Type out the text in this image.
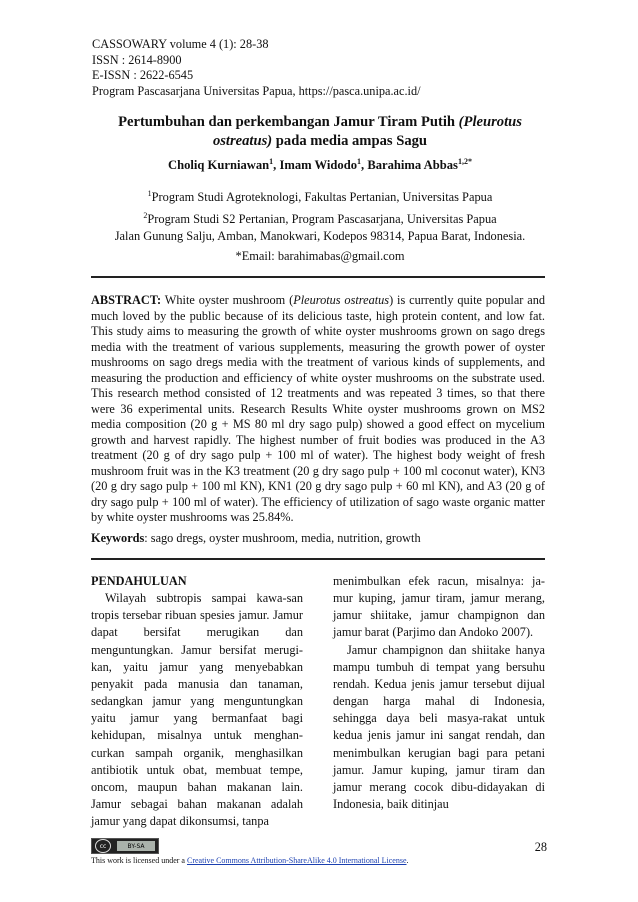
CASSOWARY volume 4 (1): 28-38
ISSN : 2614-8900
E-ISSN : 2622-6545
Program Pascasarjana Universitas Papua, https://pasca.unipa.ac.id/
Pertumbuhan dan perkembangan Jamur Tiram Putih (Pleurotus
ostreatus) pada media ampas Sagu
Choliq Kurniawan$^1$, Imam Widodo$^1$, Barahima Abbas$^{1,2*}$
$^1$Program Studi Agroteknologi, Fakultas Pertanian, Universitas Papua
$^2$Program Studi S2 Pertanian, Program Pascasarjana, Universitas Papua
Jalan Gunung Salju, Amban, Manokwari, Kodepos 98314, Papua Barat, Indonesia.
*Email: barahimabas@gmail.com
ABSTRACT: White oyster mushroom (Pleurotus ostreatus) is currently quite popular and much loved by the public because of its delicious taste, high protein content, and low fat. This study aims to measuring the growth of white oyster mushrooms grown on sago dregs media with the treatment of various supplements, measuring the growth power of oyster mushrooms on sago dregs media with the treatment of various kinds of supplements, and measuring the production and efficiency of white oyster mushrooms on the substrate used. This research method consisted of 12 treatments and was repeated 3 times, so that there were 36 experimental units. Research Results White oyster mushrooms grown on MS2 media composition (20 g + MS 80 ml dry sago pulp) showed a good effect on mycelium growth and harvest rapidly. The highest number of fruit bodies was produced in the A3 treatment (20 g of dry sago pulp + 100 ml of water). The highest body weight of fresh mushroom fruit was in the K3 treatment (20 g dry sago pulp + 100 ml coconut water), KN3 (20 g dry sago pulp + 100 ml KN), KN1 (20 g dry sago pulp + 60 ml KN), and A3 (20 g of dry sago pulp + 100 ml of water). The efficiency of utilization of sago waste organic matter by white oyster mushrooms was 25.84%.
Keywords: sago dregs, oyster mushroom, media, nutrition, growth

PENDAHULUAN

Wilayah subtropis sampai kawa-san tropis tersebar ribuan spesies jamur. Jamur dapat bersifat merugikan dan menguntungkan. Jamur bersifat merugi-kan, yaitu jamur yang menyebabkan penyakit pada manusia dan tanaman, sedangkan jamur yang menguntungkan yaitu jamur yang bermanfaat bagi kehidupan, misalnya untuk menghan-curkan sampah organik, menghasilkan antibiotik untuk obat, membuat tempe, oncom, maupun bahan makanan lain. Jamur sebagai bahan makanan adalah jamur yang dapat dikonsumsi, tanpa

menimbulkan efek racun, misalnya: ja-mur kuping, jamur tiram, jamur merang, jamur shiitake, jamur champignon dan jamur barat (Parjimo dan Andoko 2007).

Jamur champignon dan shiitake hanya mampu tumbuh di tempat yang bersuhu rendah. Kedua jenis jamur tersebut dijual dengan harga mahal di Indonesia, sehingga daya beli masya-rakat untuk kedua jenis jamur ini sangat rendah, dan menimbulkan kerugian bagi para petani jamur. Jamur kuping, jamur tiram dan jamur merang cocok dibu-didayakan di Indonesia, baik ditinjau

cc	BY-SA	28
This work is licensed under a Creative Commons Attribution-ShareAlike 4.0 International License.
